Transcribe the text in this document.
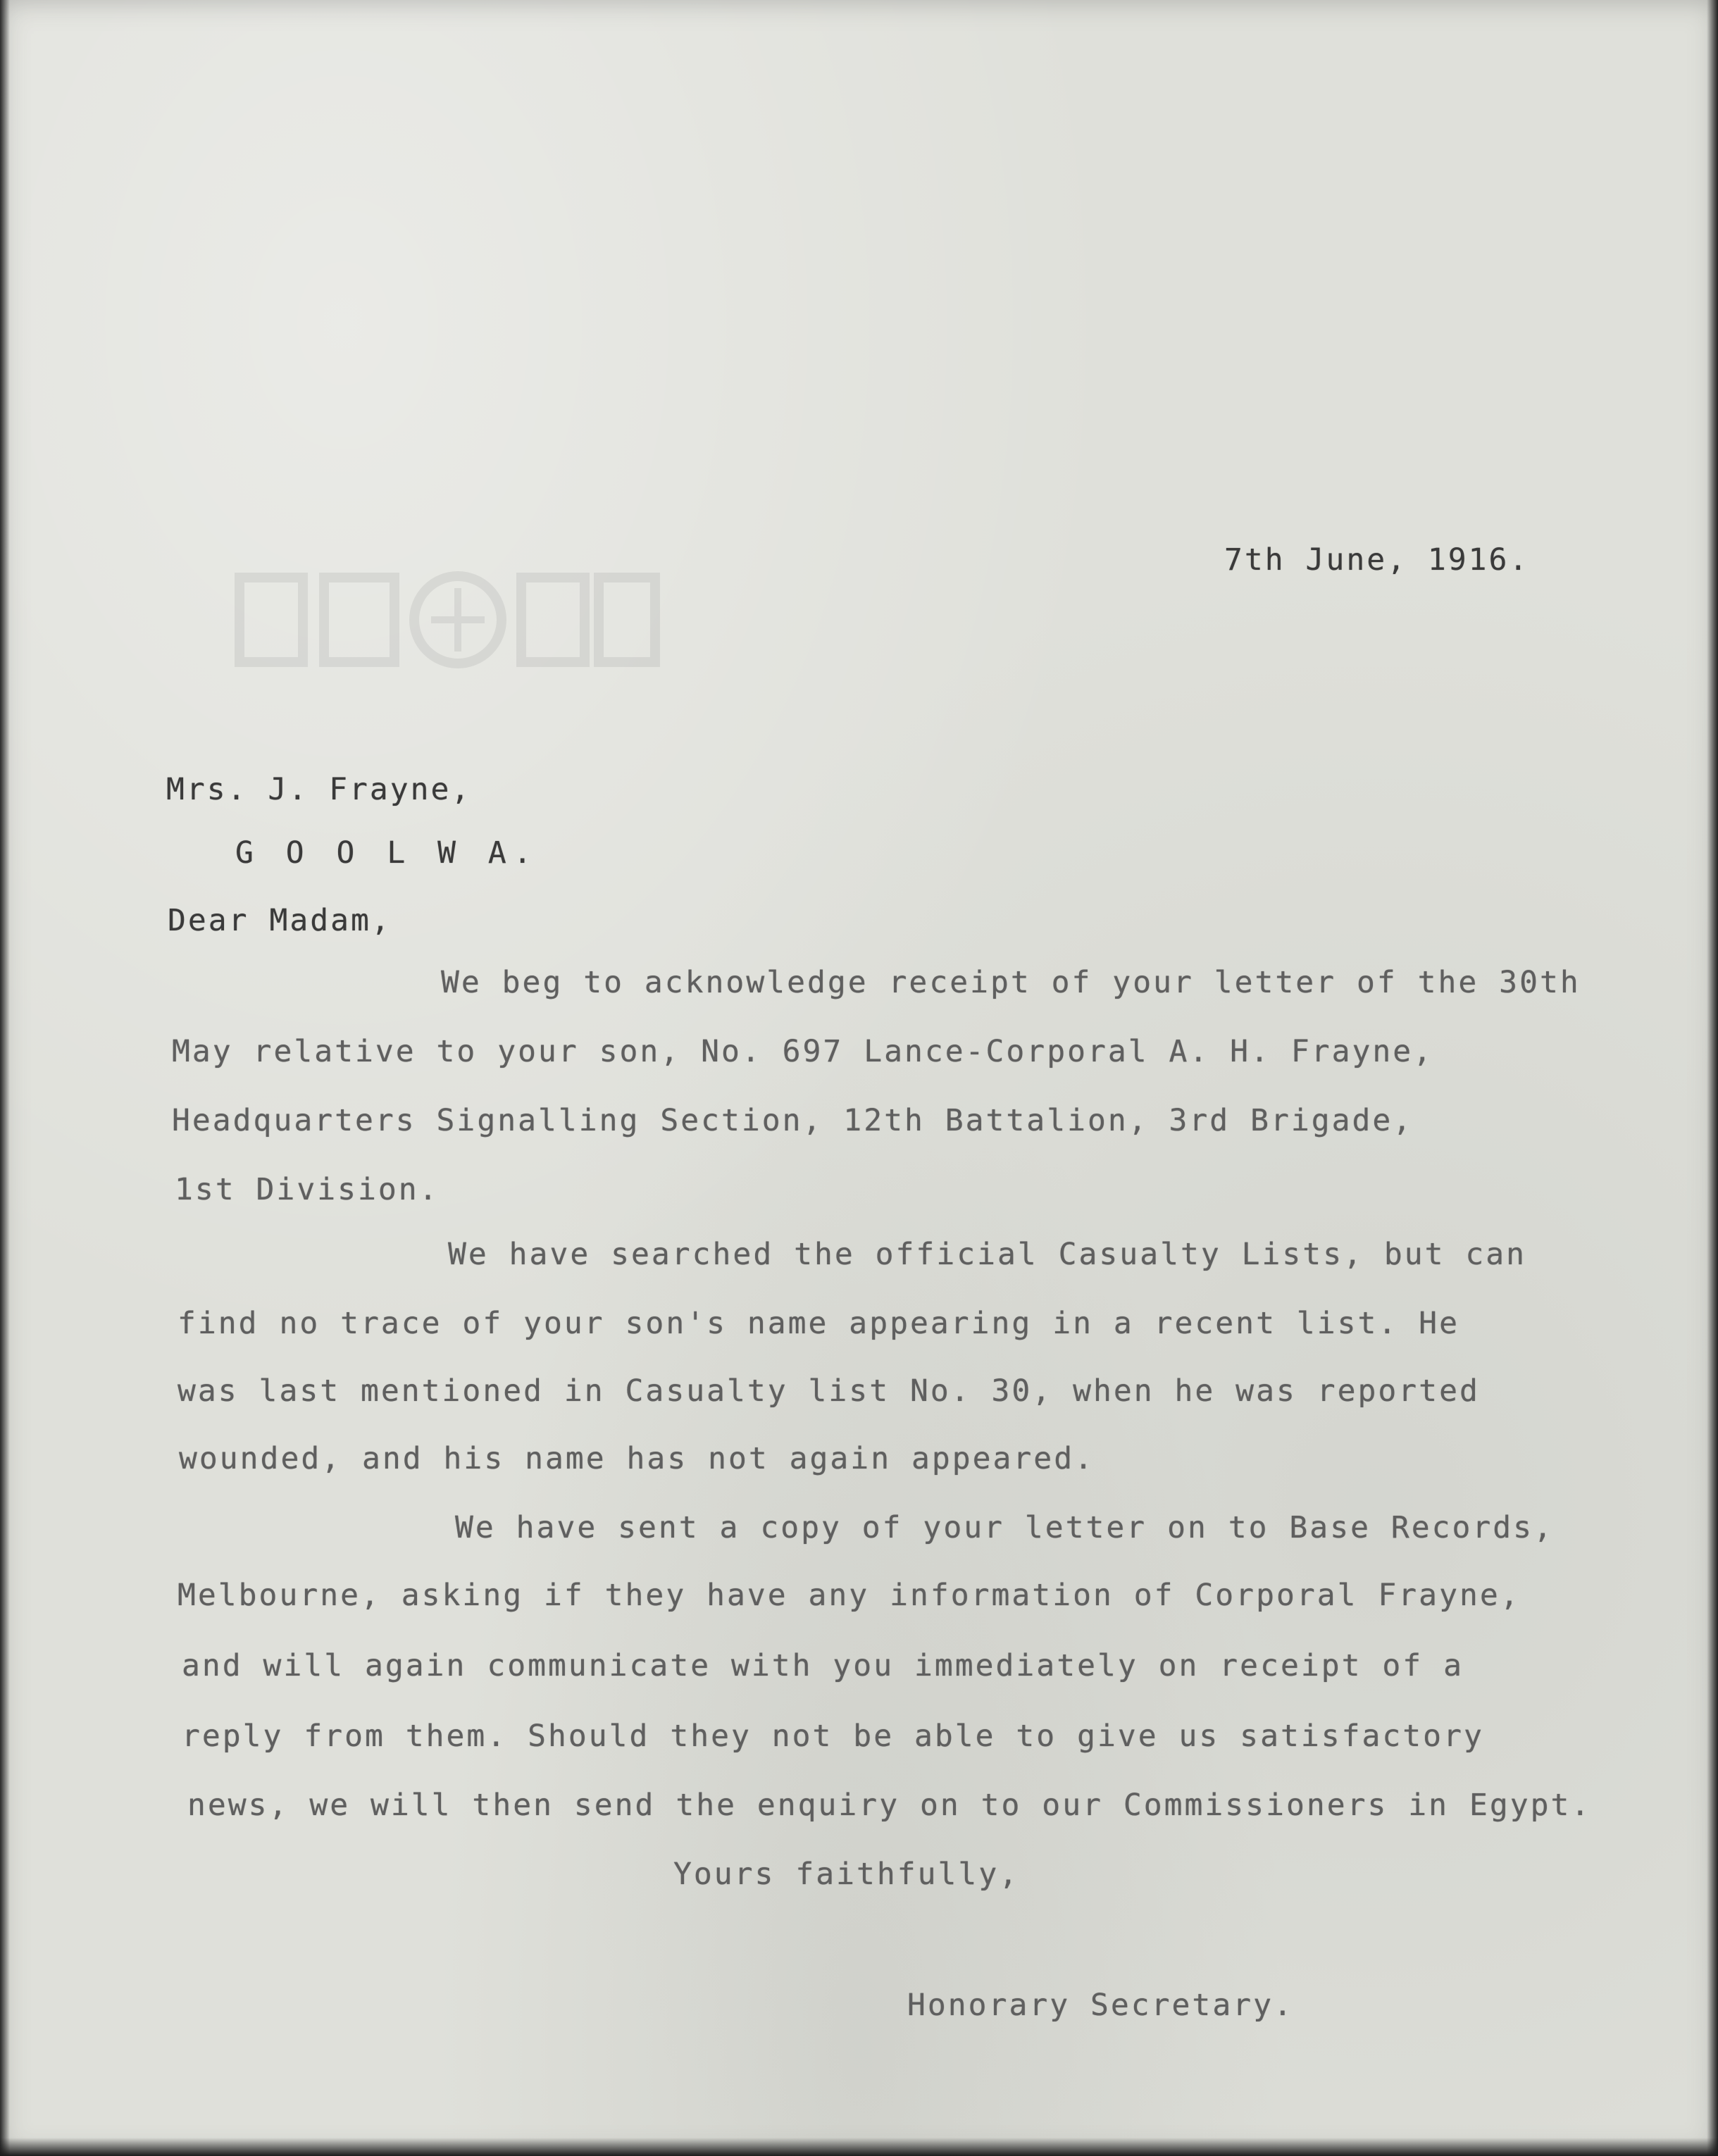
7th June, 1916.
Mrs. J. Frayne,
G O O L W A.
Dear Madam,
We beg to acknowledge receipt of your letter of the 30th
May relative to your son, No. 697 Lance-Corporal A. H. Frayne,
Headquarters Signalling Section, 12th Battalion, 3rd Brigade,
1st Division.
We have searched the official Casualty Lists, but can
find no trace of your son's name appearing in a recent list. He
was last mentioned in Casualty list No. 30, when he was reported
wounded, and his name has not again appeared.
We have sent a copy of your letter on to Base Records,
Melbourne, asking if they have any information of Corporal Frayne,
and will again communicate with you immediately on receipt of a
reply from them. Should they not be able to give us satisfactory
news, we will then send the enquiry on to our Commissioners in Egypt.
Yours faithfully,
Honorary Secretary.
